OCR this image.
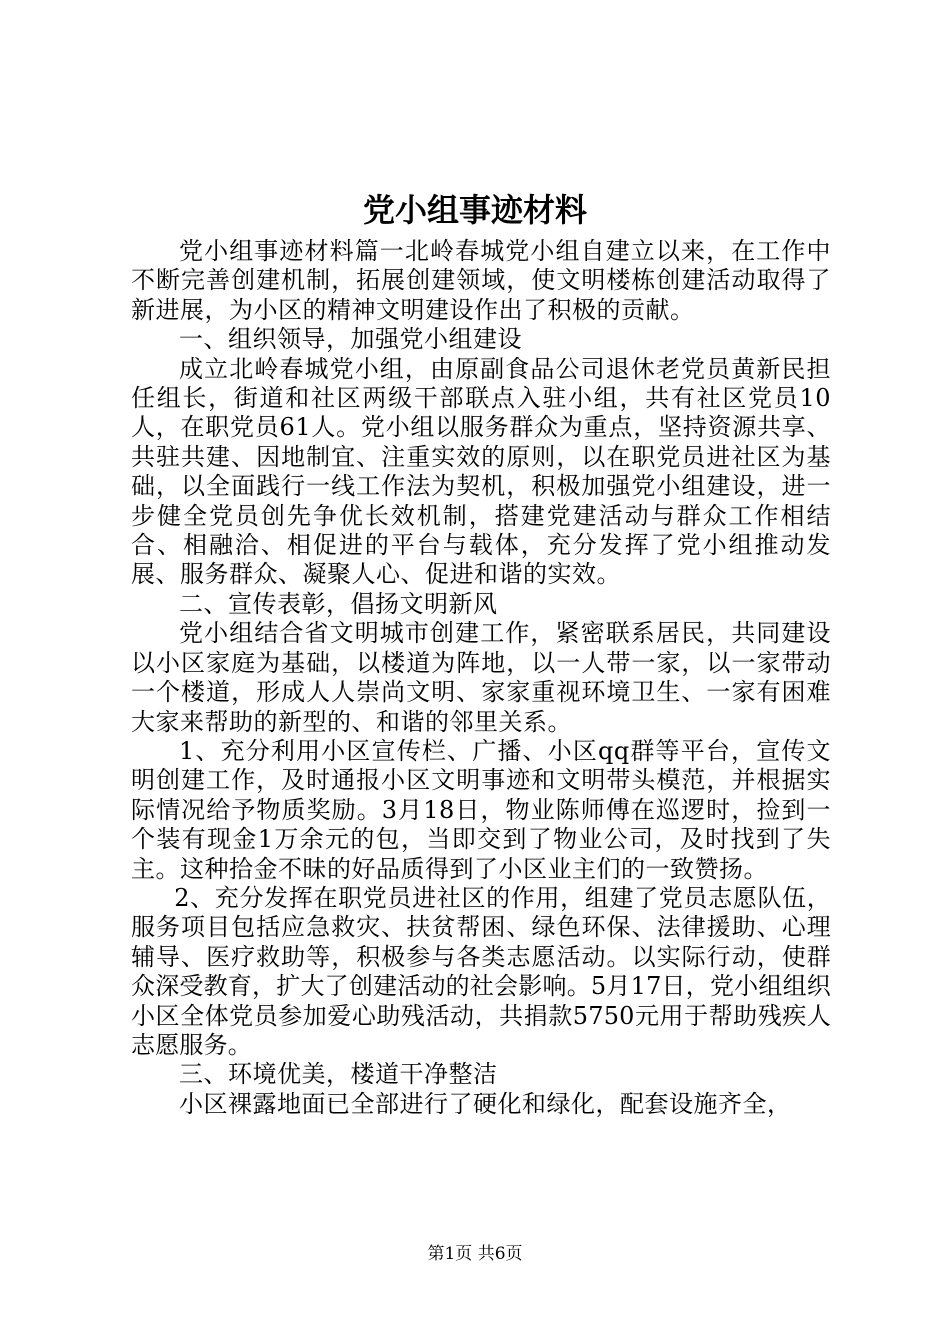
党小组事迹材料

党小组事迹材料篇一北岭春城党小组自建立以来，在工作中不断完善创建机制，拓展创建领域，使文明楼栋创建活动取得了新进展，为小区的精神文明建设作出了积极的贡献。

一、组织领导，加强党小组建设

成立北岭春城党小组，由原副食品公司退休老党员黄新民担任组长，街道和社区两级干部联点入驻小组，共有社区党员10人，在职党员61人。党小组以服务群众为重点，坚持资源共享、共驻共建、因地制宜、注重实效的原则，以在职党员进社区为基础，以全面践行一线工作法为契机，积极加强党小组建设，进一步健全党员创先争优长效机制，搭建党建活动与群众工作相结合、相融洽、相促进的平台与载体，充分发挥了党小组推动发展、服务群众、凝聚人心、促进和谐的实效。

二、宣传表彰，倡扬文明新风

党小组结合省文明城市创建工作，紧密联系居民，共同建设以小区家庭为基础，以楼道为阵地，以一人带一家，以一家带动一个楼道，形成人人崇尚文明、家家重视环境卫生、一家有困难大家来帮助的新型的、和谐的邻里关系。

1、充分利用小区宣传栏、广播、小区qq群等平台，宣传文明创建工作，及时通报小区文明事迹和文明带头模范，并根据实际情况给予物质奖励。3月18日，物业陈师傅在巡逻时，捡到一个装有现金1万余元的包，当即交到了物业公司，及时找到了失主。这种拾金不昧的好品质得到了小区业主们的一致赞扬。

2、充分发挥在职党员进社区的作用，组建了党员志愿队伍，服务项目包括应急救灾、扶贫帮困、绿色环保、法律援助、心理辅导、医疗救助等，积极参与各类志愿活动。以实际行动，使群众深受教育，扩大了创建活动的社会影响。5月17日，党小组组织小区全体党员参加爱心助残活动，共捐款5750元用于帮助残疾人志愿服务。

三、环境优美，楼道干净整洁

小区裸露地面已全部进行了硬化和绿化，配套设施齐全，

第1页 共6页
